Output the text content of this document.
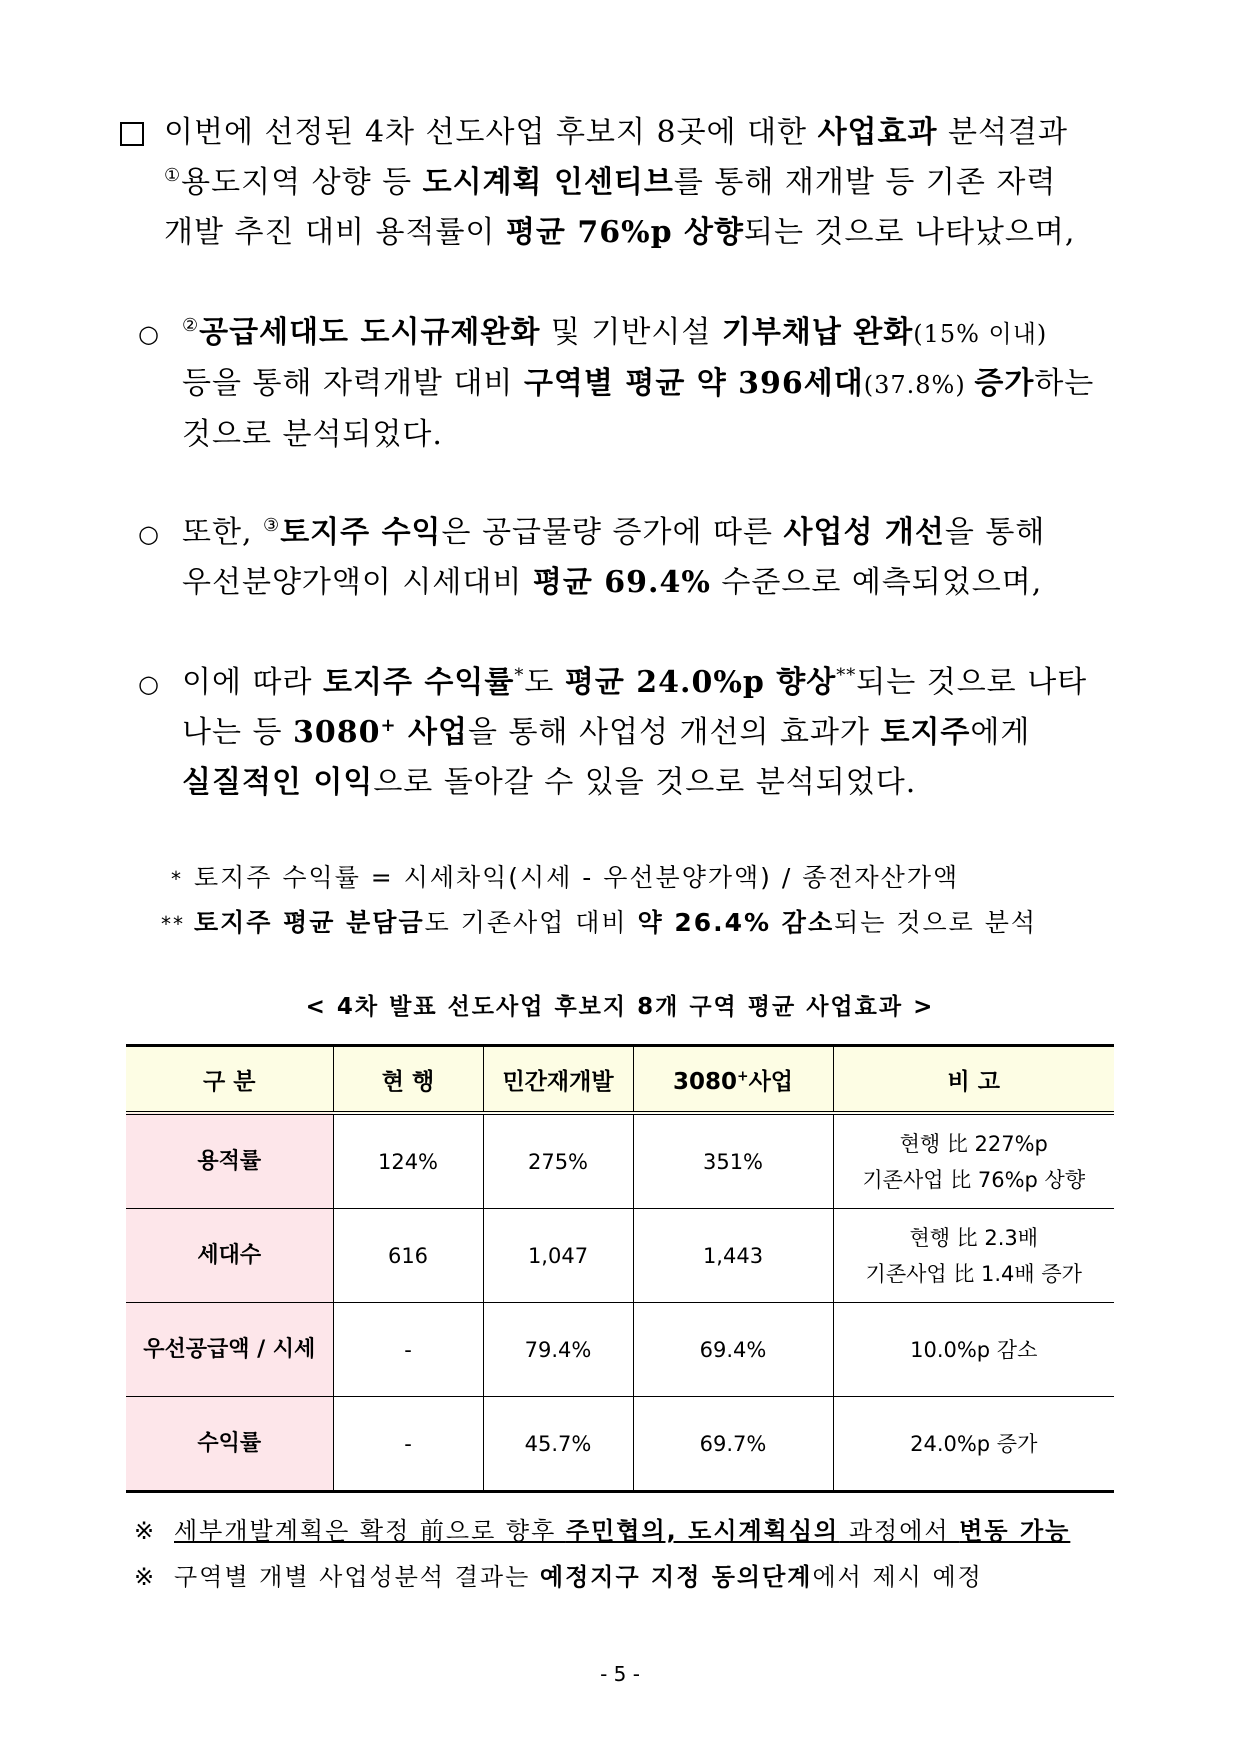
이번에 선정된 4차 선도사업 후보지 8곳에 대한 사업효과 분석결과
①용도지역 상향 등 도시계획 인센티브를 통해 재개발 등 기존 자력
개발 추진 대비 용적률이 평균 76%p 상향되는 것으로 나타났으며,
○ ②공급세대도 도시규제완화 및 기반시설 기부채납 완화(15% 이내)
등을 통해 자력개발 대비 구역별 평균 약 396세대(37.8%) 증가하는
것으로 분석되었다.
○ 또한, ③토지주 수익은 공급물량 증가에 따른 사업성 개선을 통해
우선분양가액이 시세대비 평균 69.4% 수준으로 예측되었으며,
○ 이에 따라 토지주 수익률*도 평균 24.0%p 향상**되는 것으로 나타
나는 등 3080+ 사업을 통해 사업성 개선의 효과가 토지주에게
실질적인 이익으로 돌아갈 수 있을 것으로 분석되었다.
* 토지주 수익률 = 시세차익(시세 - 우선분양가액) / 종전자산가액
** 토지주 평균 분담금도 기존사업 대비 약 26.4% 감소되는 것으로 분석
< 4차 발표 선도사업 후보지 8개 구역 평균 사업효과 >
구 분	현 행	민간재개발	3080+사업	비 고
용적률	124%	275%	351%	현행 比 227%p
기존사업 比 76%p 상향

세대수	616	1,047	1,443	현행 比 2.3배
기존사업 比 1.4배 증가

우선공급액 / 시세	-	79.4%	69.4%	10.0%p 감소
수익률	-	45.7%	69.7%	24.0%p 증가
※ 세부개발계획은 확정 前으로 향후 주민협의, 도시계획심의 과정에서 변동 가능
※ 구역별 개별 사업성분석 결과는 예정지구 지정 동의단계에서 제시 예정
- 5 -
